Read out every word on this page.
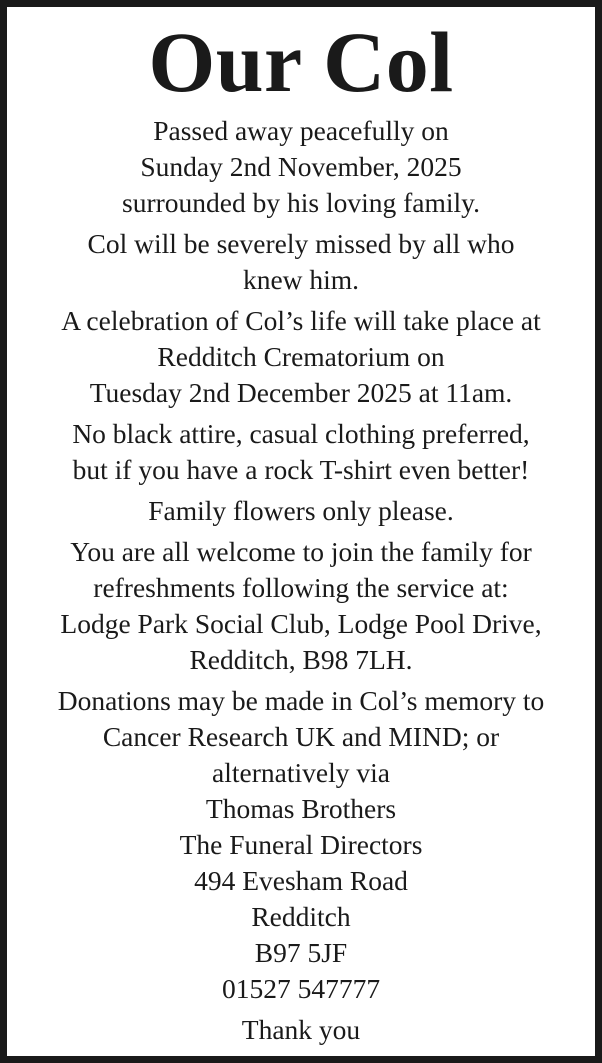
Our Col

Passed away peacefully on
Sunday 2nd November, 2025
surrounded by his loving family.

Col will be severely missed by all who
knew him.

A celebration of Col’s life will take place at
Redditch Crematorium on
Tuesday 2nd December 2025 at 11am.

No black attire, casual clothing preferred,
but if you have a rock T-shirt even better!

Family flowers only please.

You are all welcome to join the family for
refreshments following the service at:
Lodge Park Social Club, Lodge Pool Drive,
Redditch, B98 7LH.

Donations may be made in Col’s memory to
Cancer Research UK and MIND; or
alternatively via
Thomas Brothers
The Funeral Directors
494 Evesham Road
Redditch
B97 5JF
01527 547777

Thank you
